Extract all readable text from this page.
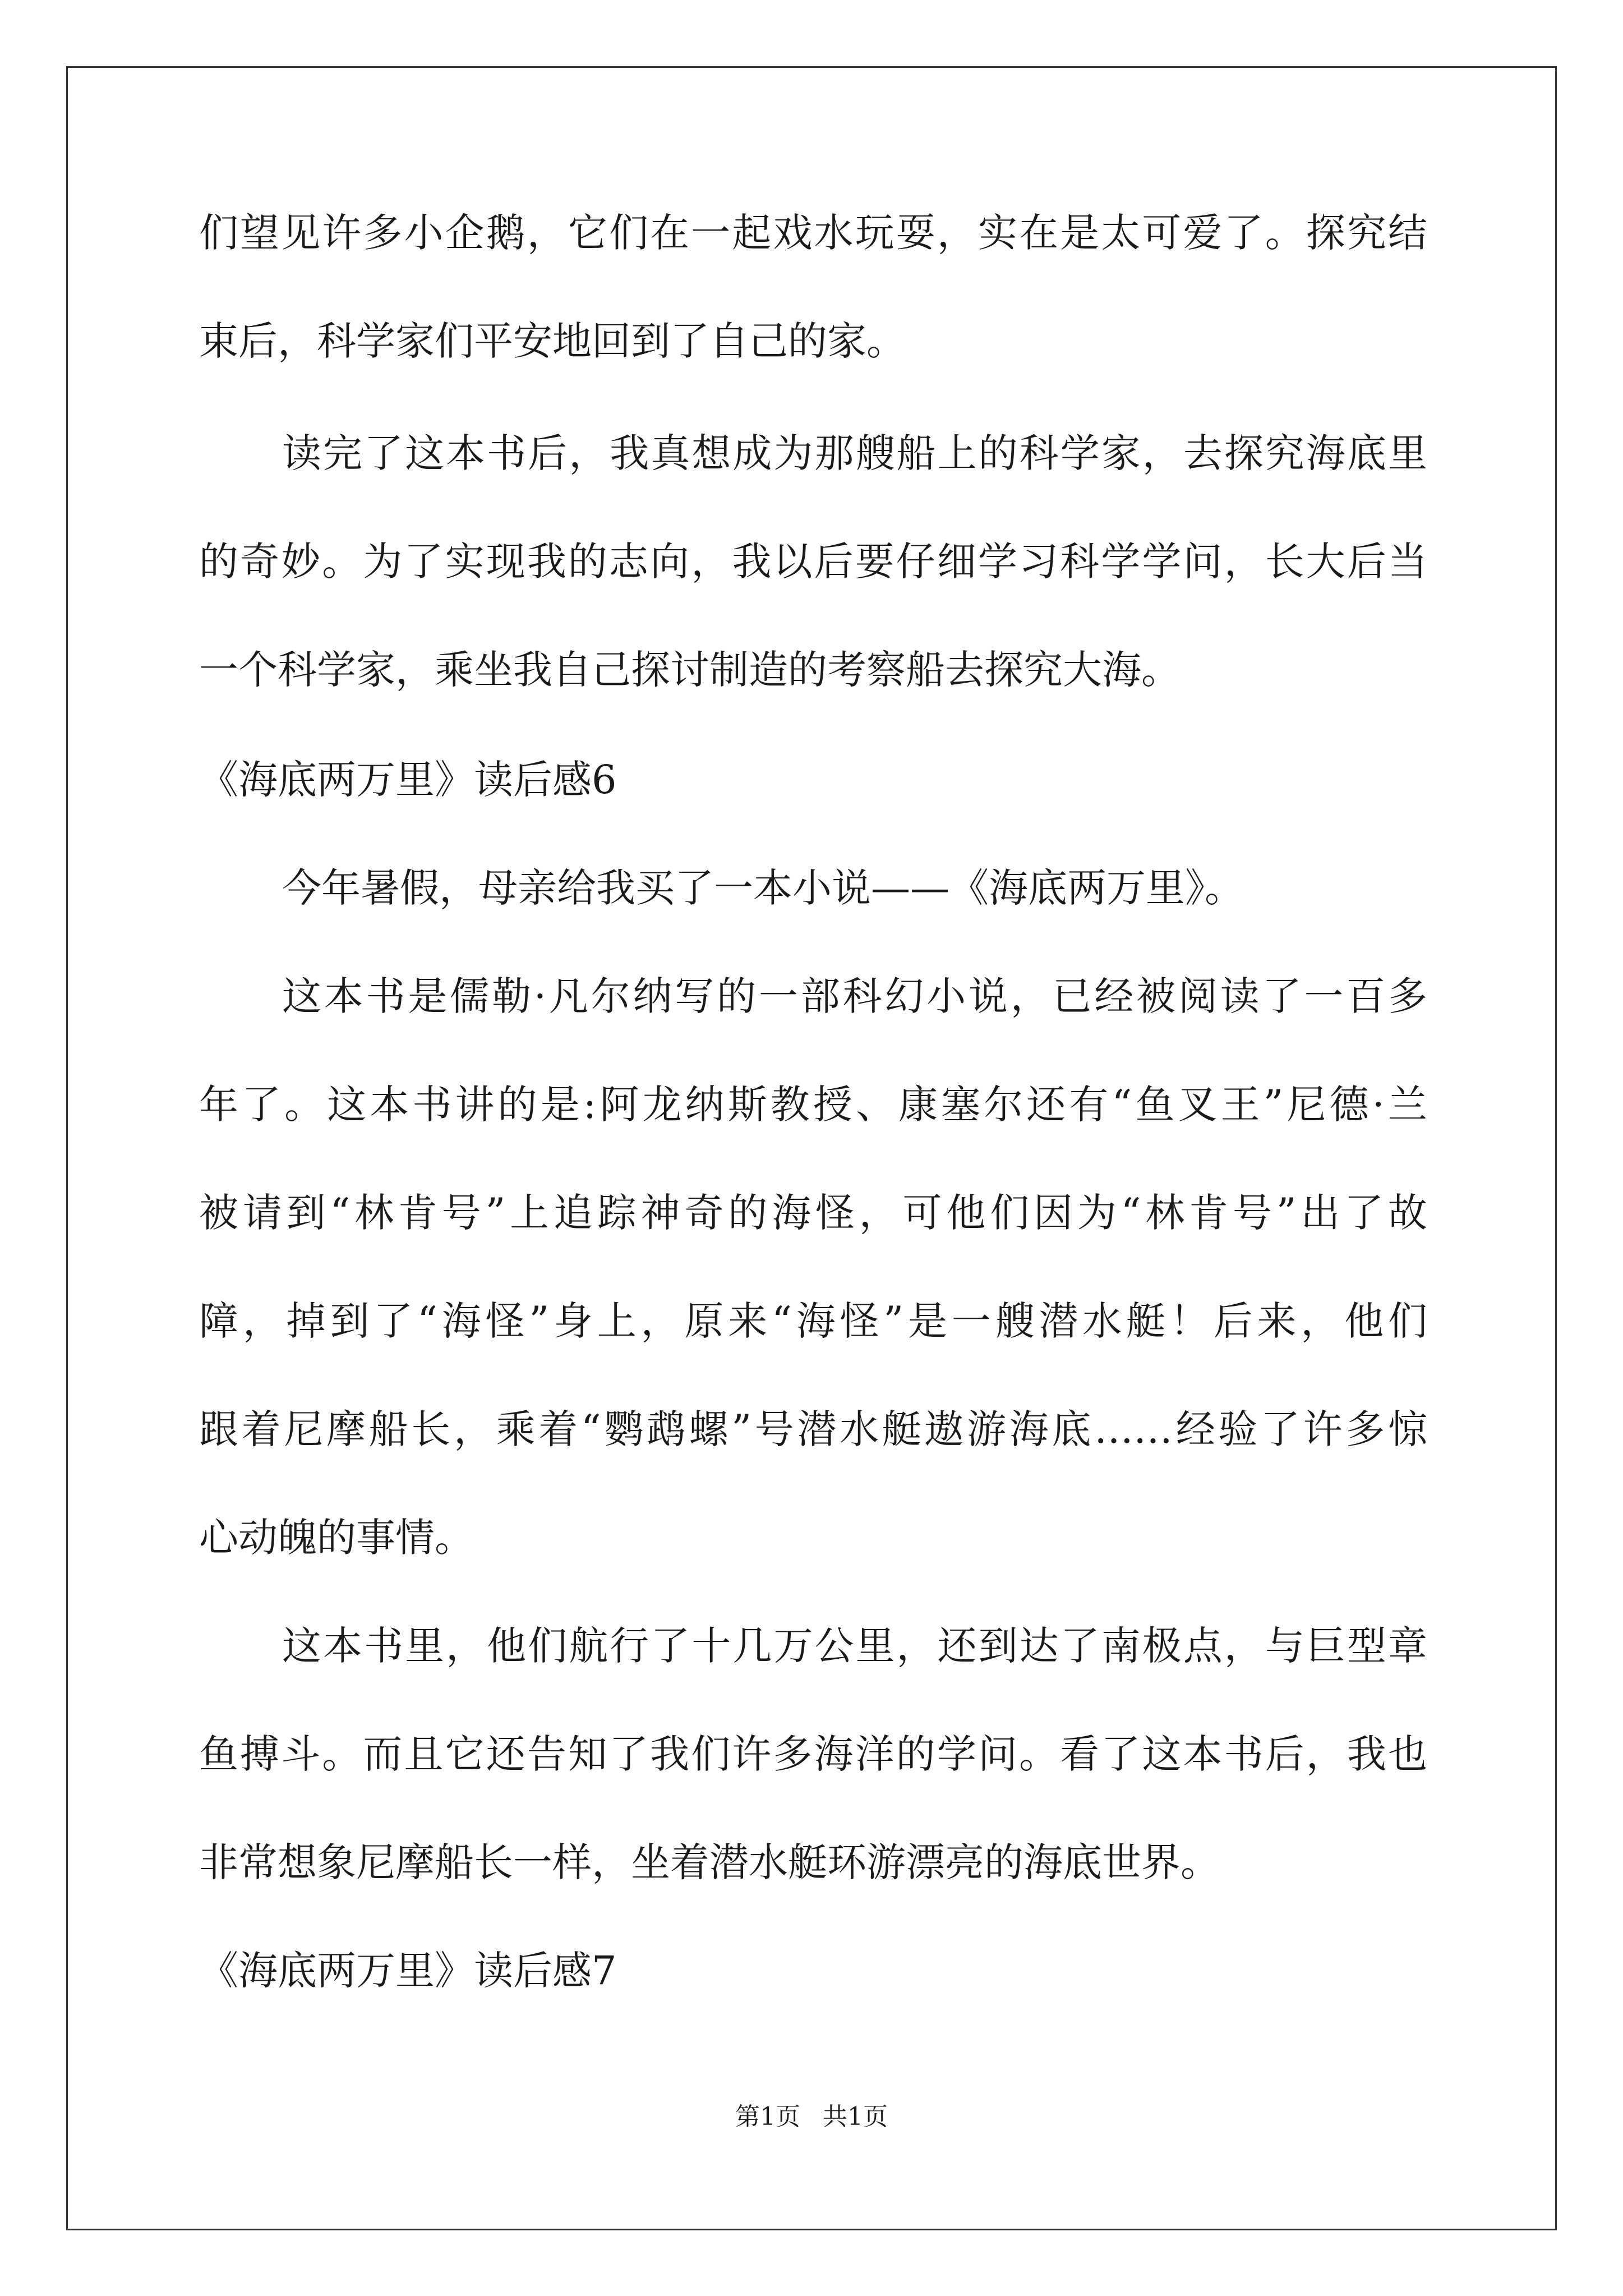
们望见许多小企鹅，它们在一起戏水玩耍，实在是太可爱了。探究结
束后，科学家们平安地回到了自己的家。
读完了这本书后，我真想成为那艘船上的科学家，去探究海底里
的奇妙。为了实现我的志向，我以后要仔细学习科学学问，长大后当
一个科学家，乘坐我自己探讨制造的考察船去探究大海。
《海底两万里》读后感6
今年暑假，母亲给我买了一本小说——《海底两万里》。
这本书是儒勒·凡尔纳写的一部科幻小说，已经被阅读了一百多
年了。这本书讲的是:阿龙纳斯教授、康塞尔还有“鱼叉王”尼德·兰
被请到“林肯号”上追踪神奇的海怪，可他们因为“林肯号”出了故
障，掉到了“海怪”身上，原来“海怪”是一艘潜水艇！后来，他们
跟着尼摩船长，乘着“鹦鹉螺”号潜水艇遨游海底……经验了许多惊
心动魄的事情。
这本书里，他们航行了十几万公里，还到达了南极点，与巨型章
鱼搏斗。而且它还告知了我们许多海洋的学问。看了这本书后，我也
非常想象尼摩船长一样，坐着潜水艇环游漂亮的海底世界。
《海底两万里》读后感7
第1页 共1页
